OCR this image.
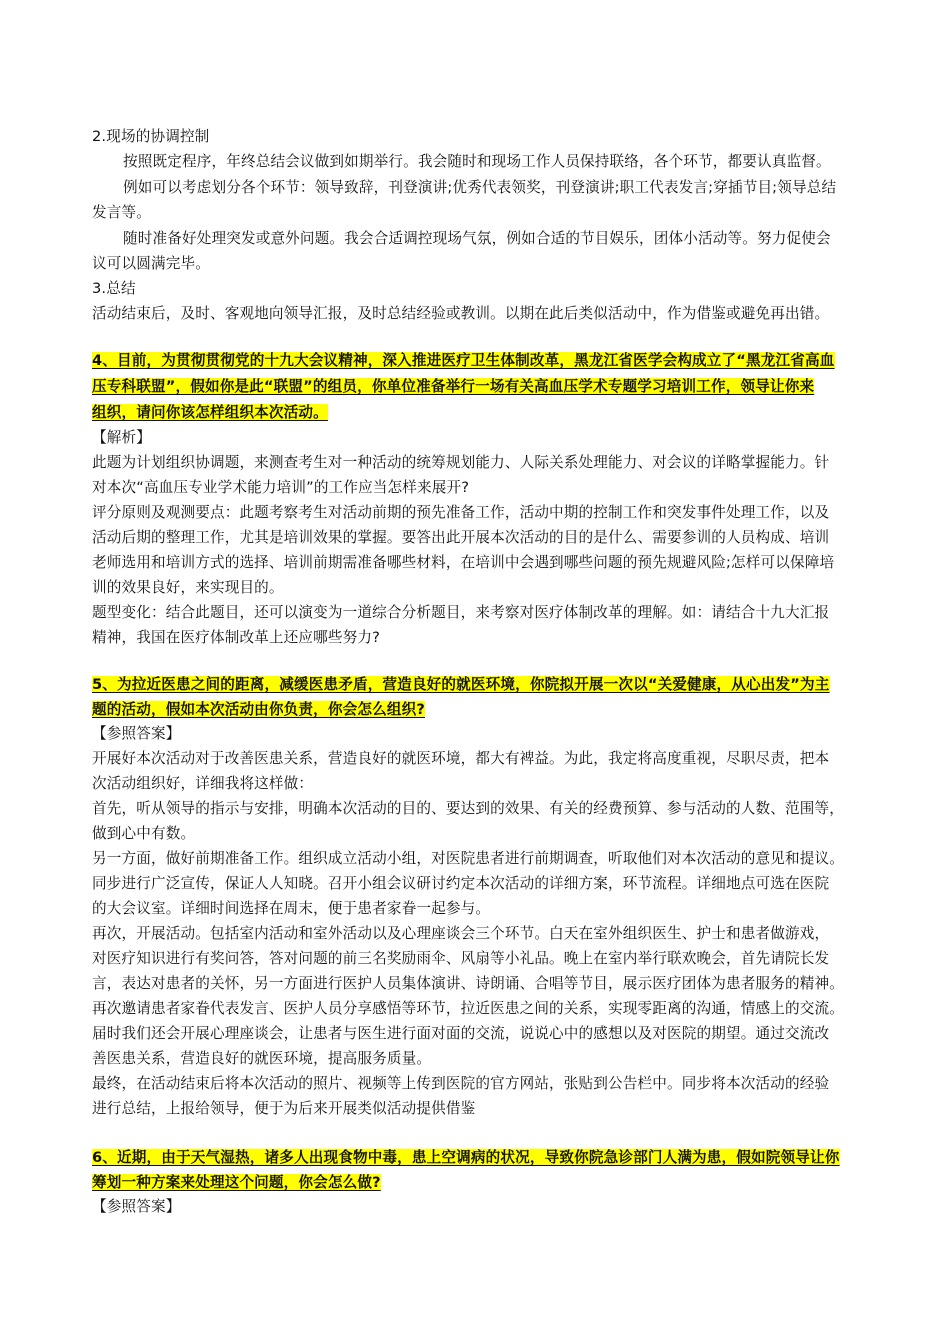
2.现场的协调控制
按照既定程序，年终总结会议做到如期举行。我会随时和现场工作人员保持联络，各个环节，都要认真监督。
例如可以考虑划分各个环节：领导致辞，刊登演讲;优秀代表领奖，刊登演讲;职工代表发言;穿插节目;领导总结
发言等。
随时准备好处理突发或意外问题。我会合适调控现场气氛，例如合适的节目娱乐，团体小活动等。努力促使会
议可以圆满完毕。
3.总结
活动结束后，及时、客观地向领导汇报，及时总结经验或教训。以期在此后类似活动中，作为借鉴或避免再出错。
4、目前，为贯彻贯彻党的十九大会议精神，深入推进医疗卫生体制改革，黑龙江省医学会构成立了“黑龙江省高血
压专科联盟”，假如你是此“联盟”的组员，你单位准备举行一场有关高血压学术专题学习培训工作，领导让你来
组织，请问你该怎样组织本次活动。
【解析】
此题为计划组织协调题，来测查考生对一种活动的统筹规划能力、人际关系处理能力、对会议的详略掌握能力。针
对本次“高血压专业学术能力培训”的工作应当怎样来展开?
评分原则及观测要点：此题考察考生对活动前期的预先准备工作，活动中期的控制工作和突发事件处理工作，以及
活动后期的整理工作，尤其是培训效果的掌握。要答出此开展本次活动的目的是什么、需要参训的人员构成、培训
老师选用和培训方式的选择、培训前期需准备哪些材料，在培训中会遇到哪些问题的预先规避风险;怎样可以保障培
训的效果良好，来实现目的。
题型变化：结合此题目，还可以演变为一道综合分析题目，来考察对医疗体制改革的理解。如：请结合十九大汇报
精神，我国在医疗体制改革上还应哪些努力?
5、为拉近医患之间的距离，减缓医患矛盾，营造良好的就医环境，你院拟开展一次以“关爱健康，从心出发”为主
题的活动，假如本次活动由你负责，你会怎么组织?
【参照答案】
开展好本次活动对于改善医患关系，营造良好的就医环境，都大有裨益。为此，我定将高度重视，尽职尽责，把本
次活动组织好，详细我将这样做：
首先，听从领导的指示与安排，明确本次活动的目的、要达到的效果、有关的经费预算、参与活动的人数、范围等，
做到心中有数。
另一方面，做好前期准备工作。组织成立活动小组，对医院患者进行前期调查，听取他们对本次活动的意见和提议。
同步进行广泛宣传，保证人人知晓。召开小组会议研讨约定本次活动的详细方案，环节流程。详细地点可选在医院
的大会议室。详细时间选择在周末，便于患者家眷一起参与。
再次，开展活动。包括室内活动和室外活动以及心理座谈会三个环节。白天在室外组织医生、护士和患者做游戏，
对医疗知识进行有奖问答，答对问题的前三名奖励雨伞、风扇等小礼品。晚上在室内举行联欢晚会，首先请院长发
言，表达对患者的关怀，另一方面进行医护人员集体演讲、诗朗诵、合唱等节目，展示医疗团体为患者服务的精神。
再次邀请患者家眷代表发言、医护人员分享感悟等环节，拉近医患之间的关系，实现零距离的沟通，情感上的交流。
届时我们还会开展心理座谈会，让患者与医生进行面对面的交流，说说心中的感想以及对医院的期望。通过交流改
善医患关系，营造良好的就医环境，提高服务质量。
最终，在活动结束后将本次活动的照片、视频等上传到医院的官方网站，张贴到公告栏中。同步将本次活动的经验
进行总结，上报给领导，便于为后来开展类似活动提供借鉴
6、近期，由于天气湿热，诸多人出现食物中毒，患上空调病的状况，导致你院急诊部门人满为患，假如院领导让你
筹划一种方案来处理这个问题，你会怎么做?
【参照答案】
